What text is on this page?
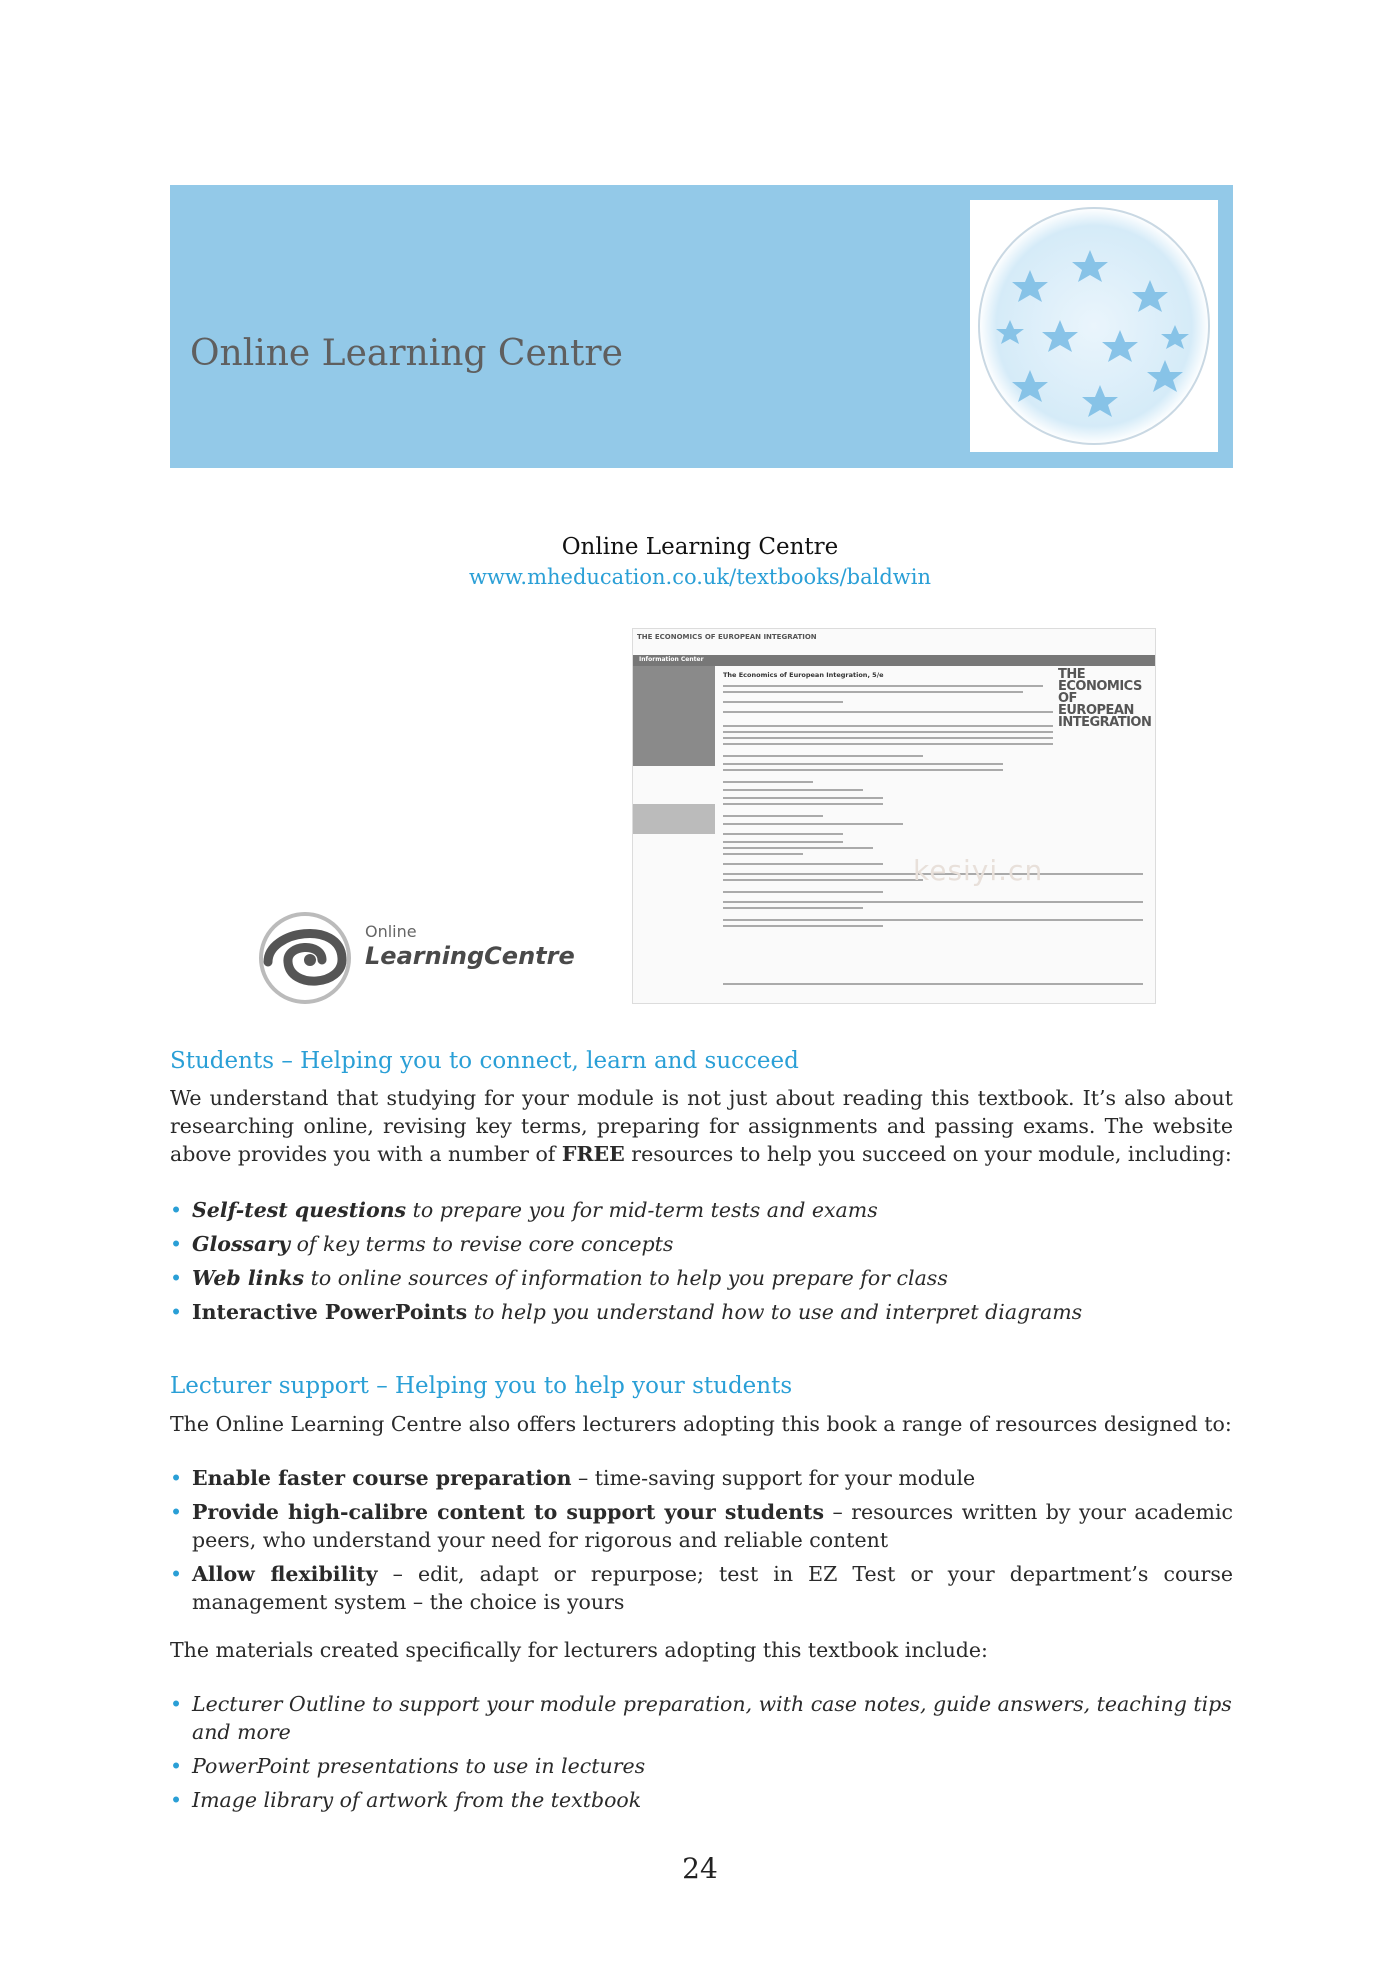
Online Learning Centre
Online Learning Centre
www.mheducation.co.uk/textbooks/baldwin
Online
LearningCentre
THE ECONOMICS OF EUROPEAN INTEGRATION
Information Center
The Economics of European Integration, 5/e	THE
ECONOMICS
OF EUROPEAN
INTEGRATION
kesiyi.cn
Students – Helping you to connect, learn and succeed
We understand that studying for your module is not just about reading this textbook. It’s also about researching online, revising key terms, preparing for assignments and passing exams. The website above provides you with a number of FREE resources to help you succeed on your module, including:
• Self-test questions to prepare you for mid-term tests and exams
• Glossary of key terms to revise core concepts
• Web links to online sources of information to help you prepare for class
• Interactive PowerPoints to help you understand how to use and interpret diagrams
Lecturer support – Helping you to help your students
The Online Learning Centre also offers lecturers adopting this book a range of resources designed to:
• Enable faster course preparation – time-saving support for your module
• Provide high-calibre content to support your students – resources written by your academic peers, who understand your need for rigorous and reliable content
• Allow flexibility – edit, adapt or repurpose; test in EZ Test or your department’s course management system – the choice is yours
The materials created specifically for lecturers adopting this textbook include:
• Lecturer Outline to support your module preparation, with case notes, guide answers, teaching tips and more
• PowerPoint presentations to use in lectures
• Image library of artwork from the textbook
24
